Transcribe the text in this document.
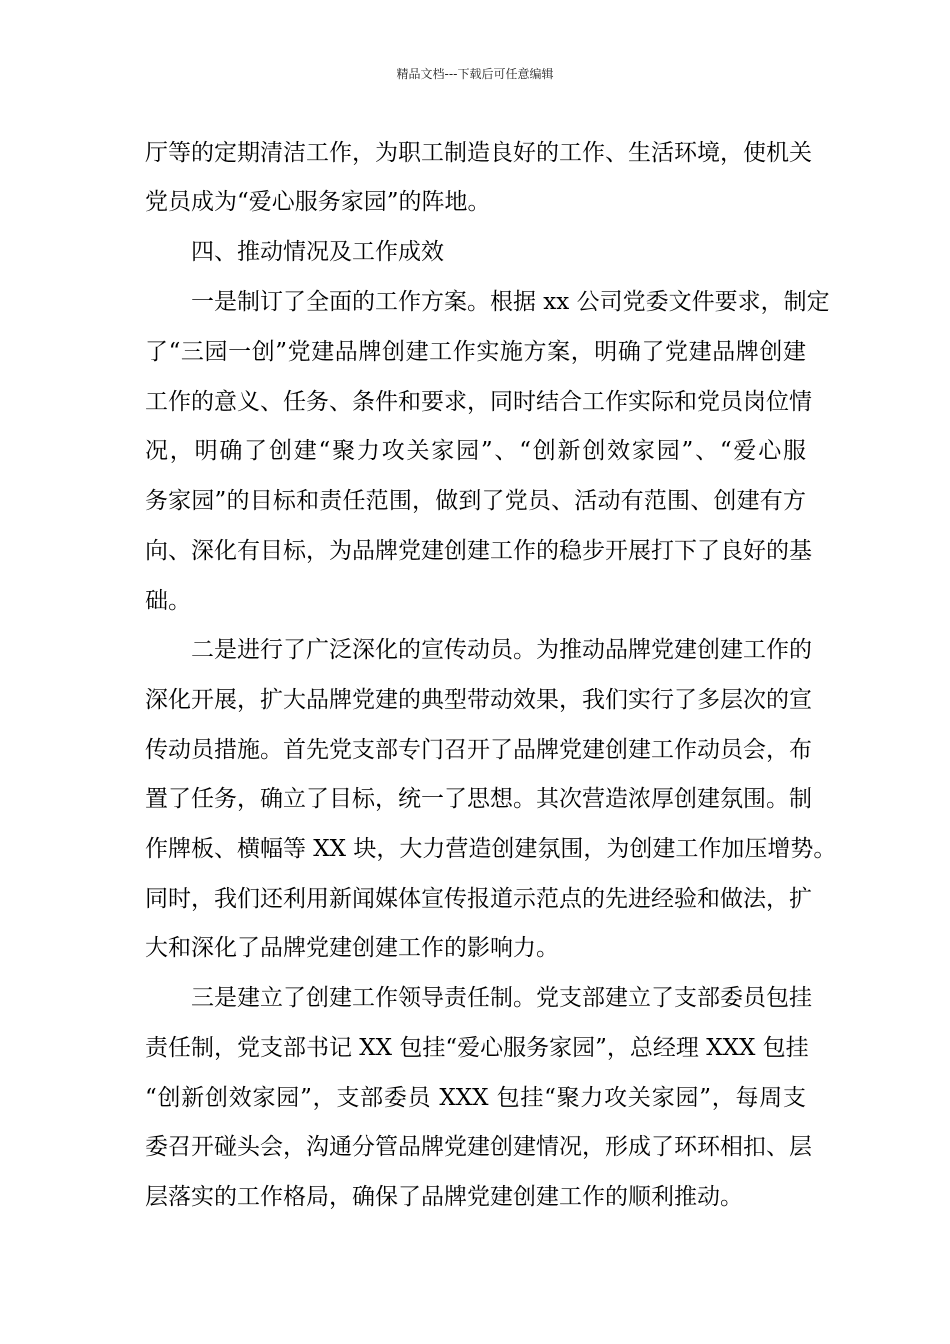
精品文档---下载后可任意编辑
厅等的定期清洁工作，为职工制造良好的工作、生活环境，使机关
党员成为“爱心服务家园”的阵地。
四、推动情况及工作成效
一是制订了全面的工作方案。根据 xx 公司党委文件要求，制定
了“三园一创”党建品牌创建工作实施方案，明确了党建品牌创建
工作的意义、任务、条件和要求，同时结合工作实际和党员岗位情
况，明确了创建“聚力攻关家园”、“创新创效家园”、“爱心服
务家园”的目标和责任范围，做到了党员、活动有范围、创建有方
向、深化有目标，为品牌党建创建工作的稳步开展打下了良好的基
础。
二是进行了广泛深化的宣传动员。为推动品牌党建创建工作的
深化开展，扩大品牌党建的典型带动效果，我们实行了多层次的宣
传动员措施。首先党支部专门召开了品牌党建创建工作动员会，布
置了任务，确立了目标，统一了思想。其次营造浓厚创建氛围。制
作牌板、横幅等 XX 块，大力营造创建氛围，为创建工作加压增势。
同时，我们还利用新闻媒体宣传报道示范点的先进经验和做法，扩
大和深化了品牌党建创建工作的影响力。
三是建立了创建工作领导责任制。党支部建立了支部委员包挂
责任制，党支部书记 XX 包挂“爱心服务家园”，总经理 XXX 包挂
“创新创效家园”，支部委员 XXX 包挂“聚力攻关家园”，每周支
委召开碰头会，沟通分管品牌党建创建情况，形成了环环相扣、层
层落实的工作格局，确保了品牌党建创建工作的顺利推动。
